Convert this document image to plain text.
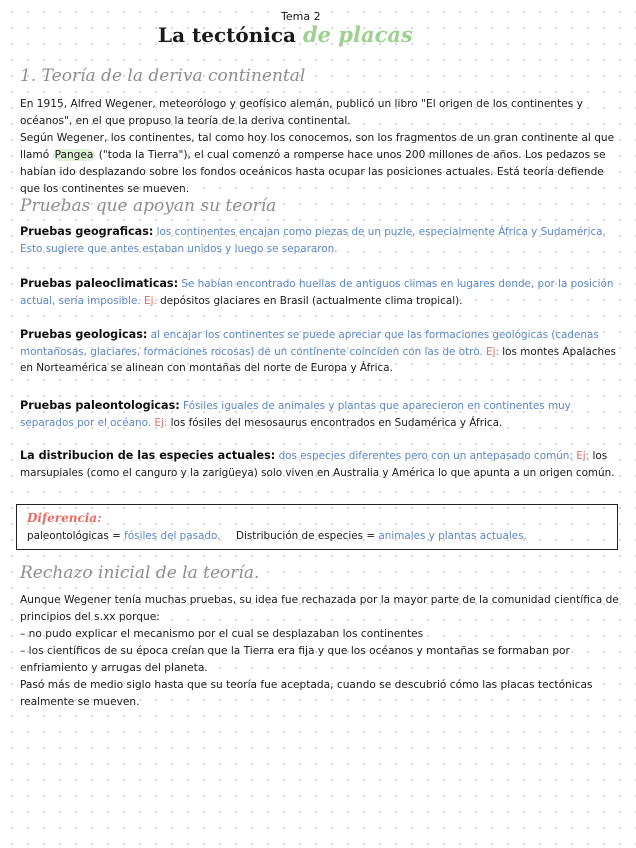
Tema 2
La tectónica de placas
1. Teoría de la deriva continental
En 1915, Alfred Wegener, meteorólogo y geofísico alemán, publicó un libro "El origen de los continentes y océanos", en el que propuso la teoría de la deriva continental.
Según Wegener, los continentes, tal como hoy los conocemos, son los fragmentos de un gran continente al que llamó Pangea ("toda la Tierra"), el cual comenzó a romperse hace unos 200 millones de años. Los pedazos se habían ido desplazando sobre los fondos oceánicos hasta ocupar las posiciones actuales. Está teoría defiende que los continentes se mueven.
Pruebas que apoyan su teoría
Pruebas geograficas: los continentes encajan como piezas de un puzle, especialmente África y Sudamérica. Esto sugiere que antes estaban unidos y luego se separaron.
Pruebas paleoclimaticas: Se habían encontrado huellas de antiguos climas en lugares donde, por la posición actual, sería imposible. Ej. depósitos glaciares en Brasil (actualmente clima tropical).
Pruebas geologicas: al encajar los continentes se puede apreciar que las formaciones geológicas (cadenas montañosas, glaciares, formaciones rocosas) de un continente coinciden con las de otro. Ej: los montes Apalaches en Norteamérica se alinean con montañas del norte de Europa y África.
Pruebas paleontologicas: Fósiles iguales de animales y plantas que aparecieron en continentes muy separados por el océano. Ej: los fósiles del mesosaurus encontrados en Sudamérica y África.
La distribucion de las especies actuales: dos especies diferentes pero con un antepasado común: Ej: los marsupiales (como el canguro y la zarigüeya) solo viven en Australia y América lo que apunta a un origen común.
Diferencia:
paleontológicas = fósiles del pasado. Distribución de especies = animales y plantas actuales.
Rechazo inicial de la teoría.
Aunque Wegener tenía muchas pruebas, su idea fue rechazada por la mayor parte de la comunidad científica de principios del s.xx porque:
– no pudo explicar el mecanismo por el cual se desplazaban los continentes
– los científicos de su época creían que la Tierra era fija y que los océanos y montañas se formaban por enfriamiento y arrugas del planeta.
Pasó más de medio siglo hasta que su teoría fue aceptada, cuando se descubrió cómo las placas tectónicas realmente se mueven.
